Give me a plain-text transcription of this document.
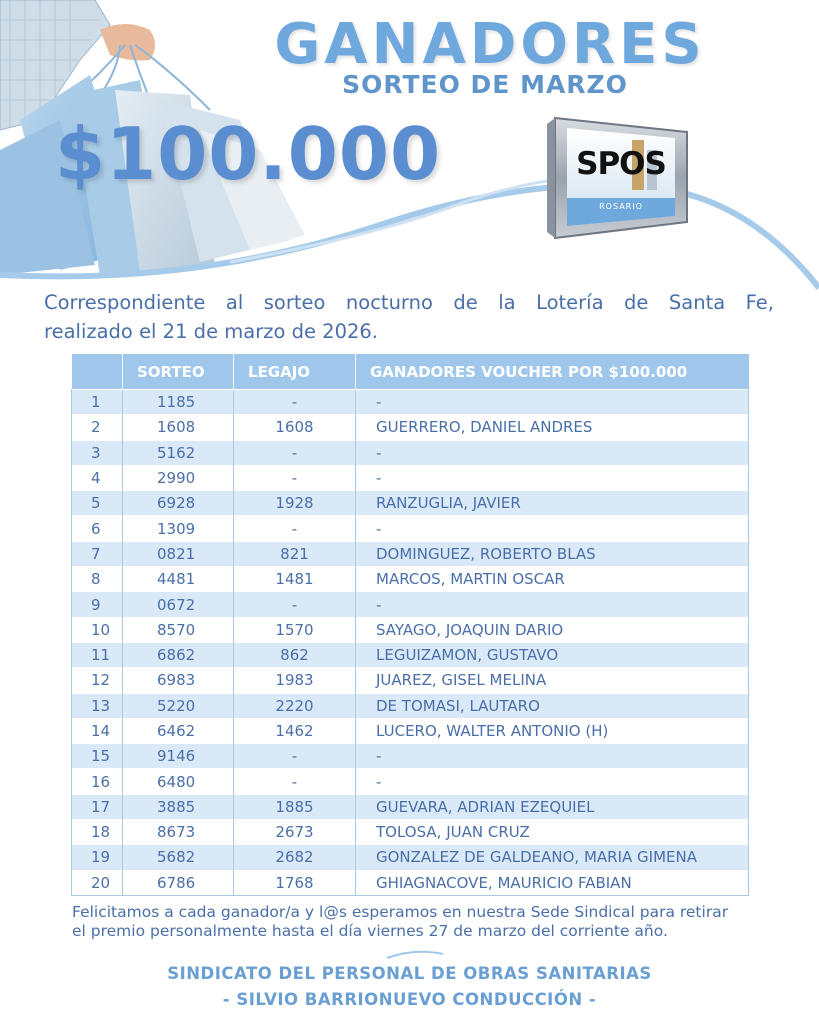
GANADORES
SORTEO DE MARZO
$100.000	SPOS
ROSARIO
Correspondiente al sorteo nocturno de la Lotería de Santa Fe,
realizado el 21 de marzo de 2026.
	SORTEO	LEGAJO	GANADORES VOUCHER POR $100.000
1	1185	-	-
2	1608	1608	GUERRERO, DANIEL ANDRES
3	5162	-	-
4	2990	-	-
5	6928	1928	RANZUGLIA, JAVIER
6	1309	-	-
7	0821	821	DOMINGUEZ, ROBERTO BLAS
8	4481	1481	MARCOS, MARTIN OSCAR
9	0672	-	-
10	8570	1570	SAYAGO, JOAQUIN DARIO
11	6862	862	LEGUIZAMON, GUSTAVO
12	6983	1983	JUAREZ, GISEL MELINA
13	5220	2220	DE TOMASI, LAUTARO
14	6462	1462	LUCERO, WALTER ANTONIO (H)
15	9146	-	-
16	6480	-	-
17	3885	1885	GUEVARA, ADRIAN EZEQUIEL
18	8673	2673	TOLOSA, JUAN CRUZ
19	5682	2682	GONZALEZ DE GALDEANO, MARIA GIMENA
20	6786	1768	GHIAGNACOVE, MAURICIO FABIAN
Felicitamos a cada ganador/a y l@s esperamos en nuestra Sede Sindical para retirar
el premio personalmente hasta el día viernes 27 de marzo del corriente año.
SINDICATO DEL PERSONAL DE OBRAS SANITARIAS
- SILVIO BARRIONUEVO CONDUCCIÓN -
